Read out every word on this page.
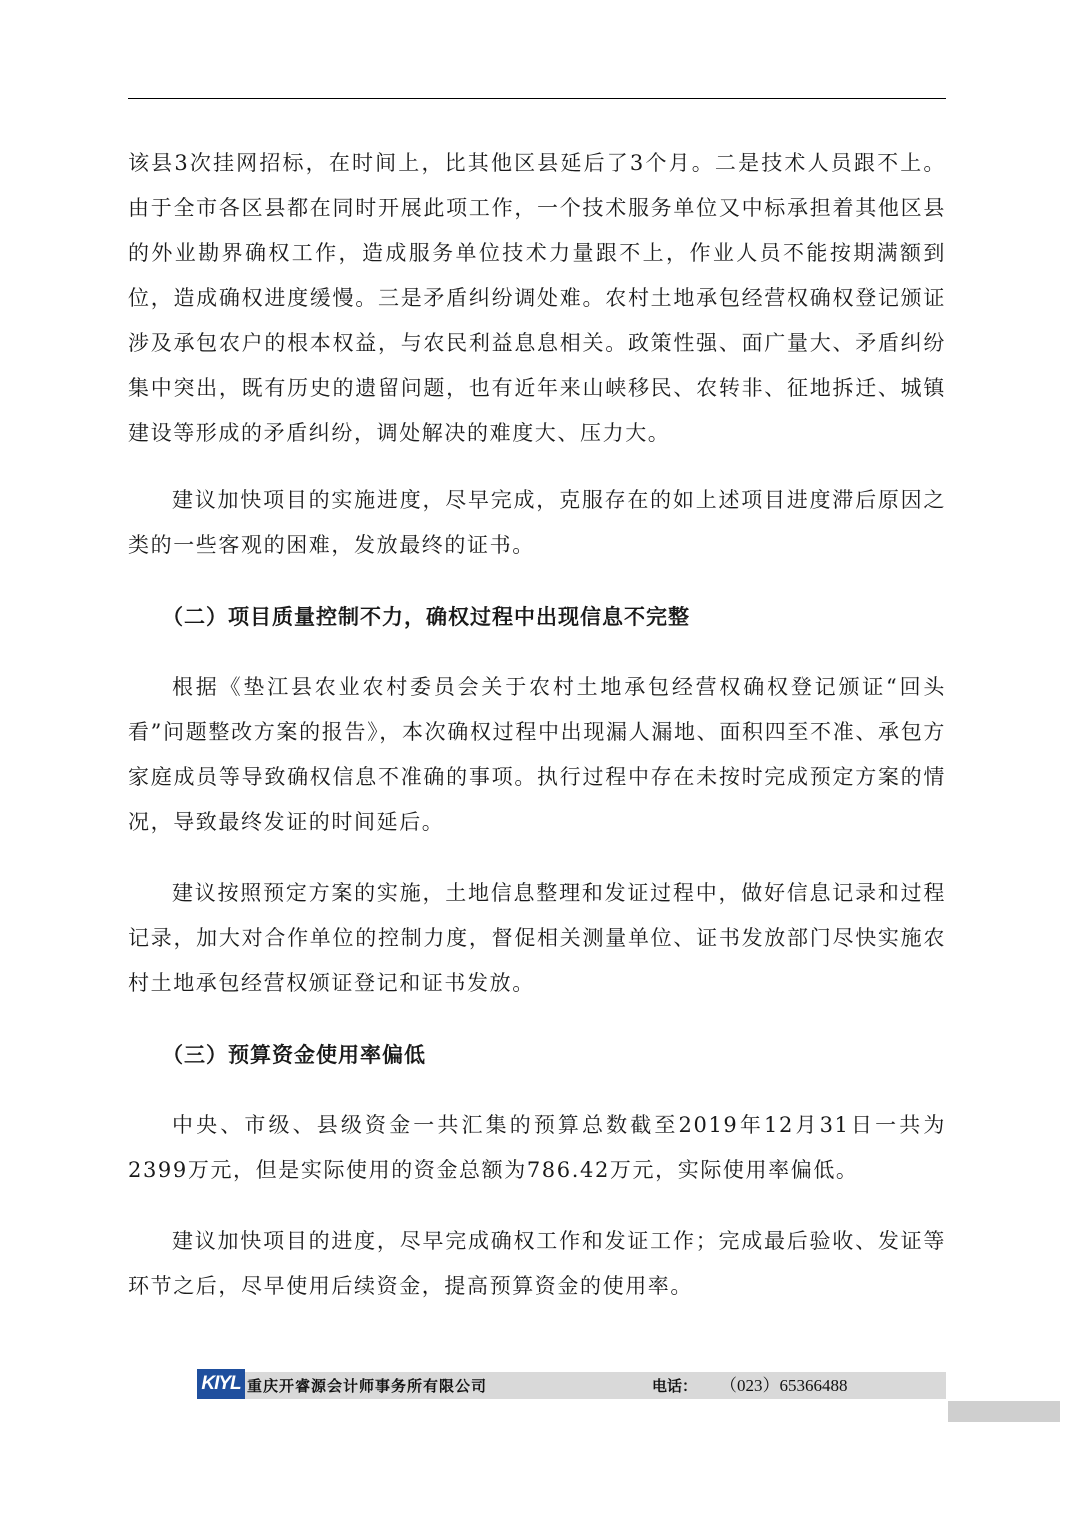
该县3次挂网招标，在时间上，比其他区县延后了3个月。二是技术人员跟不上。由于全市各区县都在同时开展此项工作，一个技术服务单位又中标承担着其他区县的外业勘界确权工作，造成服务单位技术力量跟不上，作业人员不能按期满额到位，造成确权进度缓慢。三是矛盾纠纷调处难。农村土地承包经营权确权登记颁证涉及承包农户的根本权益，与农民利益息息相关。政策性强、面广量大、矛盾纠纷集中突出，既有历史的遗留问题，也有近年来山峡移民、农转非、征地拆迁、城镇建设等形成的矛盾纠纷，调处解决的难度大、压力大。

建议加快项目的实施进度，尽早完成，克服存在的如上述项目进度滞后原因之类的一些客观的困难，发放最终的证书。

（二）项目质量控制不力，确权过程中出现信息不完整

根据《垫江县农业农村委员会关于农村土地承包经营权确权登记颁证“回头看”问题整改方案的报告》，本次确权过程中出现漏人漏地、面积四至不准、承包方家庭成员等导致确权信息不准确的事项。执行过程中存在未按时完成预定方案的情况，导致最终发证的时间延后。

建议按照预定方案的实施，土地信息整理和发证过程中，做好信息记录和过程记录，加大对合作单位的控制力度，督促相关测量单位、证书发放部门尽快实施农村土地承包经营权颁证登记和证书发放。

（三）预算资金使用率偏低

中央、市级、县级资金一共汇集的预算总数截至2019年12月31日一共为2399万元，但是实际使用的资金总额为786.42万元，实际使用率偏低。

建议加快项目的进度，尽早完成确权工作和发证工作；完成最后验收、发证等环节之后，尽早使用后续资金，提高预算资金的使用率。

KIYL 重庆开睿源会计师事务所有限公司	电话： （023）65366488
